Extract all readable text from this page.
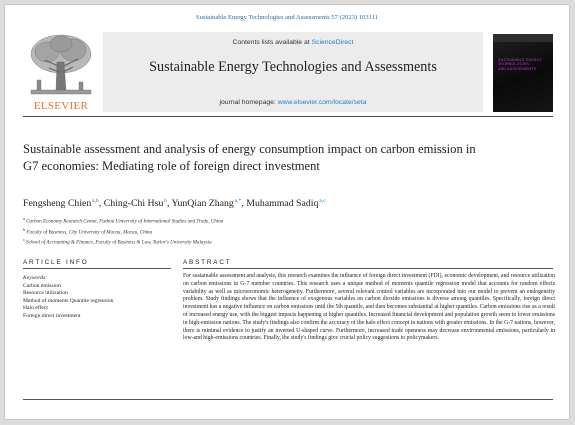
Sustainable Energy Technologies and Assessments 57 (2023) 103111
ELSEVIER
Contents lists available at ScienceDirect
Sustainable Energy Technologies and Assessments
journal homepage: www.elsevier.com/locate/seta
SUSTAINABLE ENERGY
TECHNOLOGIES
AND ASSESSMENTS
Sustainable assessment and analysis of energy consumption impact on carbon emission in G7 economies: Mediating role of foreign direct investment
Fengsheng Chien $^{a,b}$, Ching-Chi Hsu $^b$, YunQian Zhang $^{a,*}$, Muhammad Sadiq $^{a,c}$
$^a$ Carbon Economy Research Center, Fuzhou University of International Studies and Trade, China
$^b$ Faculty of Business, City University of Macau, Macau, China
$^c$ School of Accounting & Finance, Faculty of Business & Law, Taylor's University Malaysia
ARTICLE INFO	ABSTRACT
Keywords:
Carbon emission
Resource utilization
Method of moments Quantile regression
Halo effect
Foreign direct investment
For sustainable assessment and analysis, this research examines the influence of foreign direct investment (FDI), economic development, and resource utilization on carbon emissions in G-7 member countries. This research uses a unique method of moments quantile regression model that accounts for random effects variability as well as microeconomic heterogeneity. Furthermore, several relevant control variables are incorporated into our model to prevent an endogeneity problem. Study findings shows that the influence of exogenous variables on carbon dioxide emissions is diverse among quantiles. Specifically, foreign direct investment has a negative influence on carbon emissions until the 5th quantile, and then becomes substantial at higher quantiles. Carbon emissions rise as a result of increased energy use, with the biggest impacts happening at higher quantiles. Increased financial development and population growth seem to lower emissions in high-emission nations. The study's findings also confirm the accuracy of the halo effect concept in nations with greater emissions. In the G-7 nations, however, there is minimal evidence to justify an inverted U-shaped curve. Furthermore, increased trade openness may decrease environmental emissions, particularly in low-and high-emissions countries. Finally, the study's findings give crucial policy suggestions to policymakers.
